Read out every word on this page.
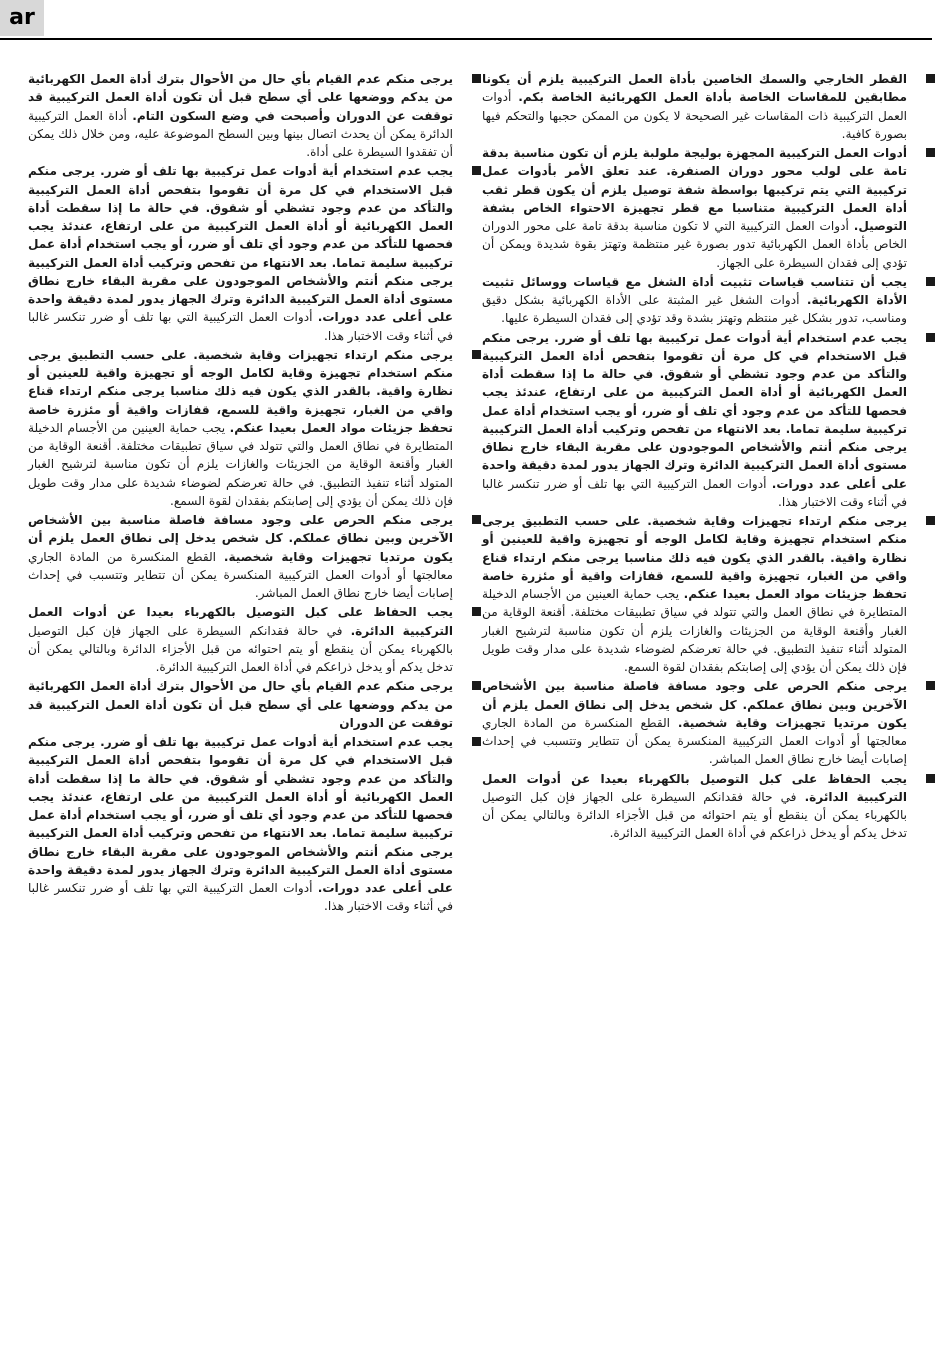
ar

القطر الخارجي والسمك الخاصين بأداة العمل التركيبية يلزم أن يكونا مطابقين للمقاسات الخاصة بأداة العمل الكهربائية الخاصة بكم. أدوات العمل التركيبية ذات المقاسات غير الصحيحة لا يكون من الممكن حجبها والتحكم فيها بصورة كافية.

أدوات العمل التركيبية المجهزة بوليجة ملولبة يلزم أن تكون مناسبة بدقة تامة على لولب محور دوران الصنفرة. عند تعلق الأمر بأدوات عمل تركيبية التي يتم تركيبها بواسطة شفة توصيل يلزم أن يكون قطر ثقب أداة العمل التركيبية متناسبا مع قطر تجهيزة الاحتواء الخاص بشفة التوصيل. أدوات العمل التركيبية التي لا تكون مناسبة بدقة تامة على محور الدوران الخاص بأداة العمل الكهربائية تدور بصورة غير منتظمة وتهتز بقوة شديدة ويمكن أن تؤدي إلى فقدان السيطرة على الجهاز.

يجب أن تتناسب قياسات تثبيت أداة الشغل مع قياسات ووسائل تثبيت الأداة الكهربائية. أدوات الشغل غير المثبتة على الأداة الكهربائية بشكل دقيق ومناسب، تدور بشكل غير منتظم وتهتز بشدة وقد تؤدي إلى فقدان السيطرة عليها.

يجب عدم استخدام أية أدوات عمل تركيبية بها تلف أو ضرر. يرجى منكم قبل الاستخدام في كل مرة أن تقوموا بتفحص أداة العمل التركيبية والتأكد من عدم وجود تشظي أو شقوق. في حالة ما إذا سقطت أداة العمل الكهربائية أو أداة العمل التركيبية من على ارتفاع، عندئذ يجب فحصها للتأكد من عدم وجود أي تلف أو ضرر، أو يجب استخدام أداة عمل تركيبية سليمة تماما. بعد الانتهاء من تفحص وتركيب أداة العمل التركيبية يرجى منكم أنتم والأشخاص الموجودون على مقربة البقاء خارج نطاق مستوى أداة العمل التركيبية الدائرة وترك الجهاز يدور لمدة دقيقة واحدة على أعلى عدد دورات. أدوات العمل التركيبية التي بها تلف أو ضرر تنكسر غالبا في أثناء وقت الاختبار هذا.

يرجى منكم ارتداء تجهيزات وقاية شخصية. على حسب التطبيق يرجى منكم استخدام تجهيزة وقاية لكامل الوجه أو تجهيزة واقية للعينين أو نظارة واقية. بالقدر الذي يكون فيه ذلك مناسبا يرجى منكم ارتداء قناع واقي من الغبار، تجهيزة واقية للسمع، قفازات واقية أو مئزرة خاصة تحفظ جزيئات مواد العمل بعيدا عنكم. يجب حماية العينين من الأجسام الدخيلة المتطايرة في نطاق العمل والتي تتولد في سياق تطبيقات مختلفة. أقنعة الوقاية من الغبار وأقنعة الوقاية من الجزيئات والغازات يلزم أن تكون مناسبة لترشيح الغبار المتولد أثناء تنفيذ التطبيق. في حالة تعرضكم لضوضاء شديدة على مدار وقت طويل فإن ذلك يمكن أن يؤدي إلى إصابتكم بفقدان لقوة السمع.

يرجى منكم الحرص على وجود مسافة فاصلة مناسبة بين الأشخاص الآخرين وبين نطاق عملكم. كل شخص يدخل إلى نطاق العمل يلزم أن يكون مرتديا تجهيزات وقاية شخصية. القطع المنكسرة من المادة الجاري معالجتها أو أدوات العمل التركيبية المنكسرة يمكن أن تتطاير وتتسبب في إحداث إصابات أيضا خارج نطاق العمل المباشر.

يجب الحفاظ على كبل التوصيل بالكهرباء بعيدا عن أدوات العمل التركيبية الدائرة. في حالة فقدانكم السيطرة على الجهاز فإن كبل التوصيل بالكهرباء يمكن أن ينقطع أو يتم احتوائه من قبل الأجزاء الدائرة وبالتالي يمكن أن تدخل يدكم أو يدخل ذراعكم في أداة العمل التركيبية الدائرة.

يرجى منكم عدم القيام بأي حال من الأحوال بترك أداة العمل الكهربائية من يدكم ووضعها على أي سطح قبل أن تكون أداة العمل التركيبية قد توقفت عن الدوران وأصبحت في وضع السكون التام. أداة العمل التركيبية الدائرة يمكن أن يحدث اتصال بينها وبين السطح الموضوعة عليه، ومن خلال ذلك يمكن أن تفقدوا السيطرة على أداة.

يجب عدم استخدام أية أدوات عمل تركيبية بها تلف أو ضرر. يرجى منكم قبل الاستخدام في كل مرة أن تقوموا بتفحص أداة العمل التركيبية والتأكد من عدم وجود تشظي أو شقوق. في حالة ما إذا سقطت أداة العمل الكهربائية أو أداة العمل التركيبية من على ارتفاع، عندئذ يجب فحصها للتأكد من عدم وجود أي تلف أو ضرر، أو يجب استخدام أداة عمل تركيبية سليمة تماما. بعد الانتهاء من تفحص وتركيب أداة العمل التركيبية يرجى منكم أنتم والأشخاص الموجودون على مقربة البقاء خارج نطاق مستوى أداة العمل التركيبية الدائرة وترك الجهاز يدور لمدة دقيقة واحدة على أعلى عدد دورات. أدوات العمل التركيبية التي بها تلف أو ضرر تنكسر غالبا في أثناء وقت الاختبار هذا.

يرجى منكم ارتداء تجهيزات وقاية شخصية. على حسب التطبيق يرجى منكم استخدام تجهيزة وقاية لكامل الوجه أو تجهيزة واقية للعينين أو نظارة واقية. بالقدر الذي يكون فيه ذلك مناسبا يرجى منكم ارتداء قناع واقي من الغبار، تجهيزة واقية للسمع، قفازات واقية أو مئزرة خاصة تحفظ جزيئات مواد العمل بعيدا عنكم. يجب حماية العينين من الأجسام الدخيلة المتطايرة في نطاق العمل والتي تتولد في سياق تطبيقات مختلفة. أقنعة الوقاية من الغبار وأقنعة الوقاية من الجزيئات والغازات يلزم أن تكون مناسبة لترشيح الغبار المتولد أثناء تنفيذ التطبيق. في حالة تعرضكم لضوضاء شديدة على مدار وقت طويل فإن ذلك يمكن أن يؤدي إلى إصابتكم بفقدان لقوة السمع.

يرجى منكم الحرص على وجود مسافة فاصلة مناسبة بين الأشخاص الآخرين وبين نطاق عملكم. كل شخص يدخل إلى نطاق العمل يلزم أن يكون مرتديا تجهيزات وقاية شخصية. القطع المنكسرة من المادة الجاري معالجتها أو أدوات العمل التركيبية المنكسرة يمكن أن تتطاير وتتسبب في إحداث إصابات أيضا خارج نطاق العمل المباشر.

يجب الحفاظ على كبل التوصيل بالكهرباء بعيدا عن أدوات العمل التركيبية الدائرة. في حالة فقدانكم السيطرة على الجهاز فإن كبل التوصيل بالكهرباء يمكن أن ينقطع أو يتم احتوائه من قبل الأجزاء الدائرة وبالتالي يمكن أن تدخل يدكم أو يدخل ذراعكم في أداة العمل التركيبية الدائرة.

يرجى منكم عدم القيام بأي حال من الأحوال بترك أداة العمل الكهربائية من يدكم ووضعها على أي سطح قبل أن تكون أداة العمل التركيبية قد توقفت عن الدوران

يجب عدم استخدام أية أدوات عمل تركيبية بها تلف أو ضرر. يرجى منكم قبل الاستخدام في كل مرة أن تقوموا بتفحص أداة العمل التركيبية والتأكد من عدم وجود تشظي أو شقوق. في حالة ما إذا سقطت أداة العمل الكهربائية أو أداة العمل التركيبية من على ارتفاع، عندئذ يجب فحصها للتأكد من عدم وجود أي تلف أو ضرر، أو يجب استخدام أداة عمل تركيبية سليمة تماما. بعد الانتهاء من تفحص وتركيب أداة العمل التركيبية يرجى منكم أنتم والأشخاص الموجودون على مقربة البقاء خارج نطاق مستوى أداة العمل التركيبية الدائرة وترك الجهاز يدور لمدة دقيقة واحدة على أعلى عدد دورات. أدوات العمل التركيبية التي بها تلف أو ضرر تنكسر غالبا في أثناء وقت الاختبار هذا.
